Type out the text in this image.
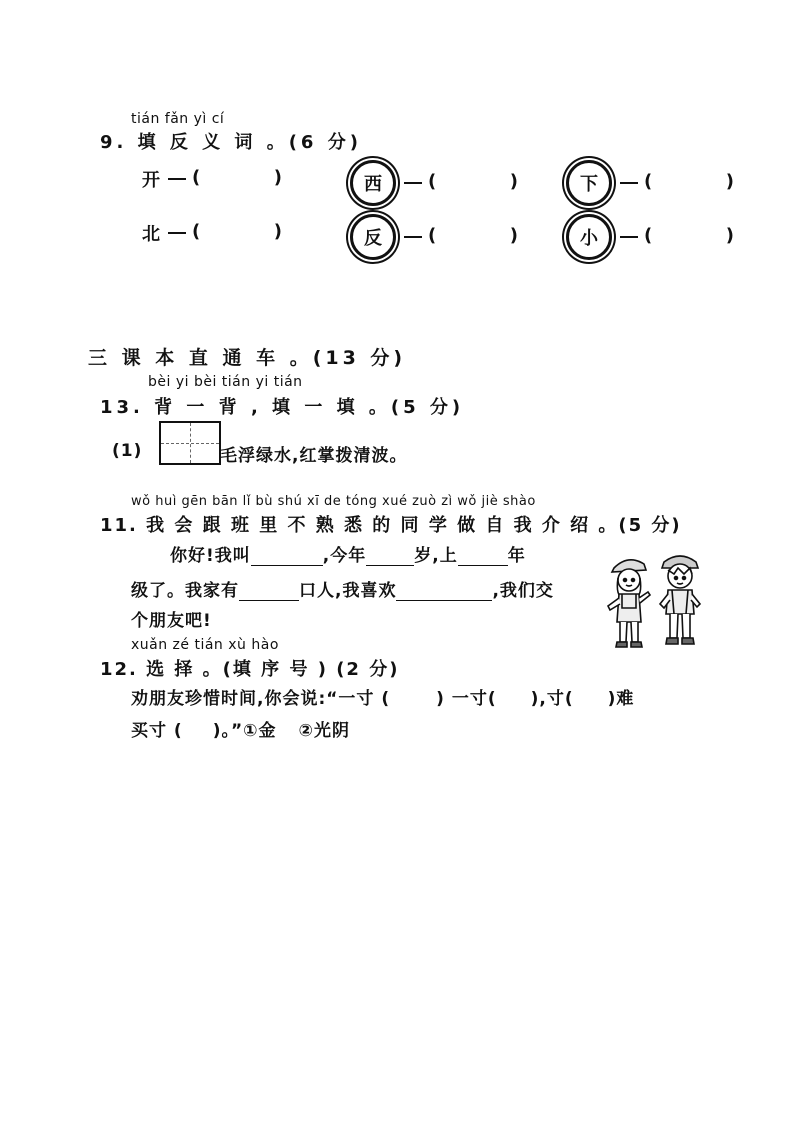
tián fǎn yì cí
9. 填 反 义 词 。(6 分)
开 (	)	西	(	)	下	(	)
北 (	)	反	(	)	小	(	)
三 课 本 直 通 车 。(13 分)
bèi yi bèi tián yi tián
13. 背 一 背 , 填 一 填 。(5 分)
(1)	毛浮绿水,红掌拨清波。
wǒ huì gēn bān lǐ bù shú xī de tóng xué zuò zì wǒ jiè shào
11. 我 会 跟 班 里 不 熟 悉 的 同 学 做 自 我 介 绍 。(5 分)
你好!我叫	,今年	岁,上	年
级了。我家有	口人,我喜欢	,我们交
个朋友吧!
xuǎn zé tián xù hào
12. 选 择 。(填 序 号 ) (2 分)
劝朋友珍惜时间,你会说:“一寸 (	) 一寸( ),寸( )难
买寸 ( )。”①金 ②光阴
